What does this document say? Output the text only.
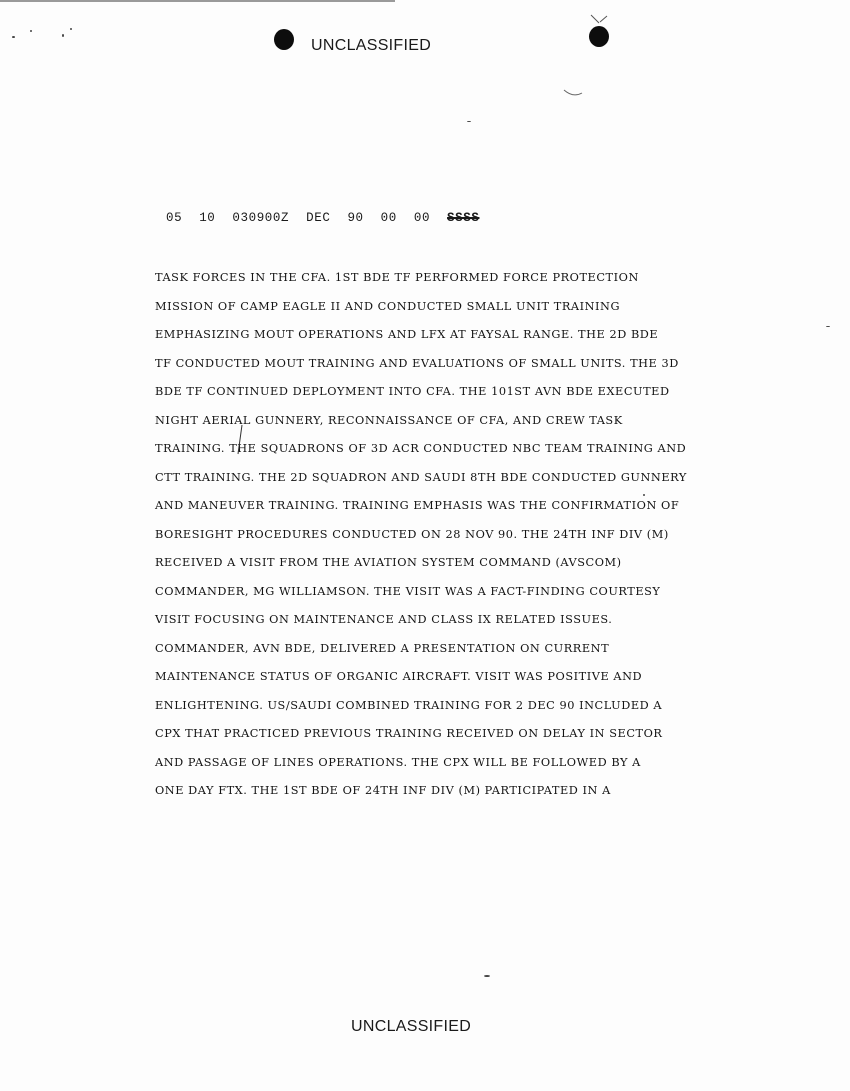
UNCLASSIFIED
05 10 030900Z DEC 90 00 00 SSSS
TASK FORCES IN THE CFA. 1ST BDE TF PERFORMED FORCE PROTECTION
MISSION OF CAMP EAGLE II AND CONDUCTED SMALL UNIT TRAINING
EMPHASIZING MOUT OPERATIONS AND LFX AT FAYSAL RANGE. THE 2D BDE
TF CONDUCTED MOUT TRAINING AND EVALUATIONS OF SMALL UNITS. THE 3D
BDE TF CONTINUED DEPLOYMENT INTO CFA. THE 101ST AVN BDE EXECUTED
NIGHT AERIAL GUNNERY, RECONNAISSANCE OF CFA, AND CREW TASK
TRAINING. THE SQUADRONS OF 3D ACR CONDUCTED NBC TEAM TRAINING AND
CTT TRAINING. THE 2D SQUADRON AND SAUDI 8TH BDE CONDUCTED GUNNERY
AND MANEUVER TRAINING. TRAINING EMPHASIS WAS THE CONFIRMATION OF
BORESIGHT PROCEDURES CONDUCTED ON 28 NOV 90. THE 24TH INF DIV (M)
RECEIVED A VISIT FROM THE AVIATION SYSTEM COMMAND (AVSCOM)
COMMANDER, MG WILLIAMSON. THE VISIT WAS A FACT-FINDING COURTESY
VISIT FOCUSING ON MAINTENANCE AND CLASS IX RELATED ISSUES.
COMMANDER, AVN BDE, DELIVERED A PRESENTATION ON CURRENT
MAINTENANCE STATUS OF ORGANIC AIRCRAFT. VISIT WAS POSITIVE AND
ENLIGHTENING. US/SAUDI COMBINED TRAINING FOR 2 DEC 90 INCLUDED A
CPX THAT PRACTICED PREVIOUS TRAINING RECEIVED ON DELAY IN SECTOR
AND PASSAGE OF LINES OPERATIONS. THE CPX WILL BE FOLLOWED BY A
ONE DAY FTX. THE 1ST BDE OF 24TH INF DIV (M) PARTICIPATED IN A
UNCLASSIFIED
